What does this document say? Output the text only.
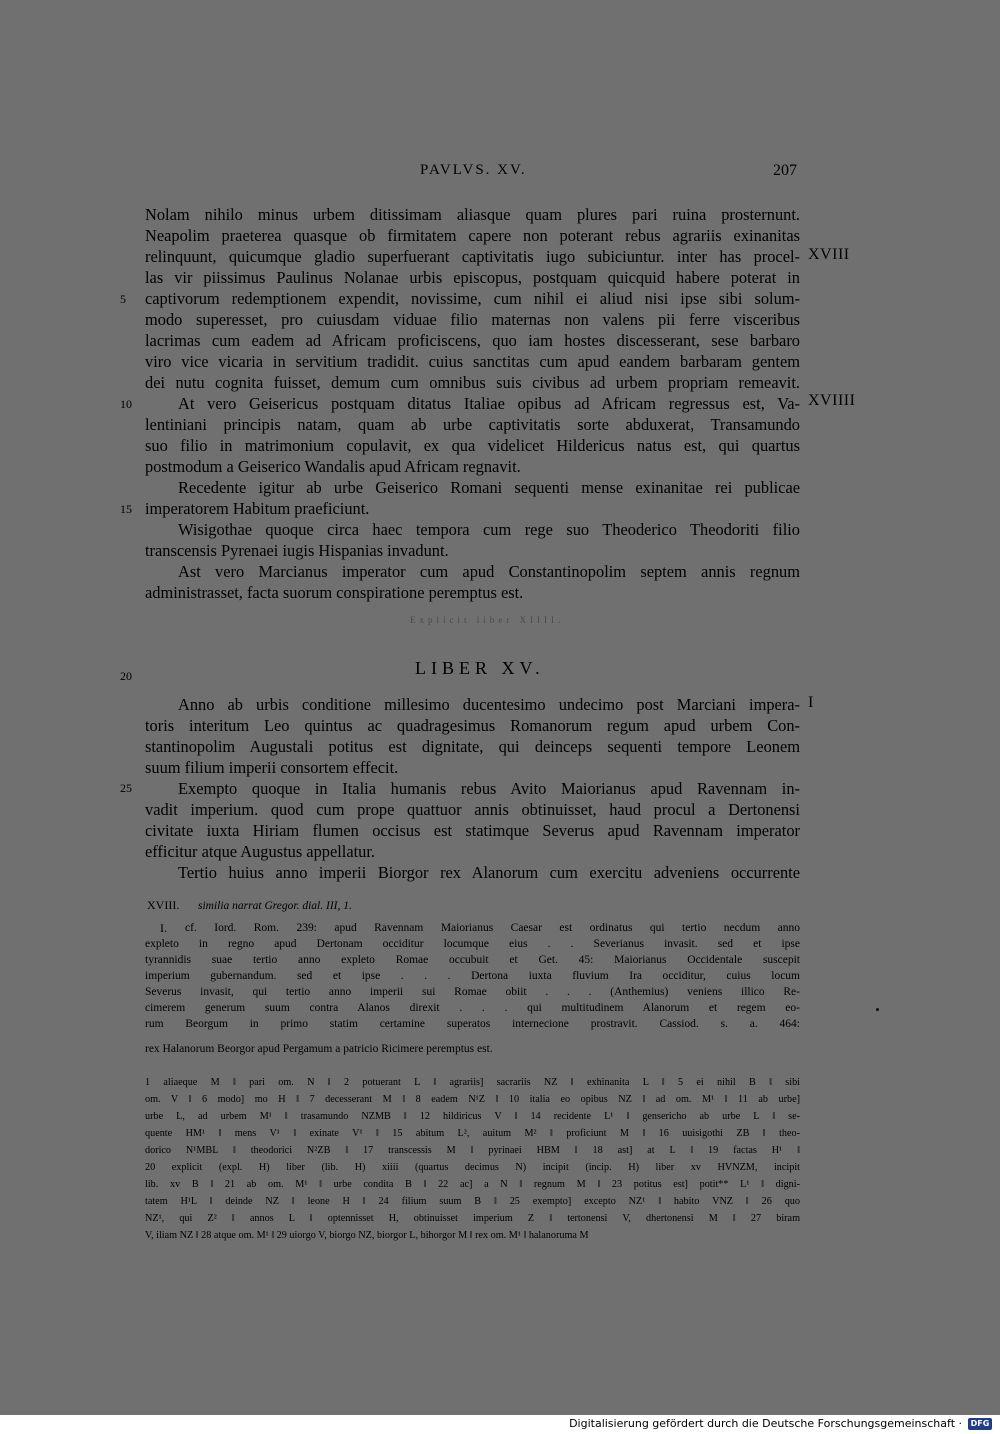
PAVLVS. XV.	207
Nolam nihilo minus urbem ditissimam aliasque quam plures pari ruina prosternunt.
Neapolim praeterea quasque ob firmitatem capere non poterant rebus agrariis exinanitas
relinquunt, quicumque gladio superfuerant captivitatis iugo subiciuntur. inter has procel-
las vir piissimus Paulinus Nolanae urbis episcopus, postquam quicquid habere poterat in
captivorum redemptionem expendit, novissime, cum nihil ei aliud nisi ipse sibi solum-
modo superesset, pro cuiusdam viduae filio maternas non valens pii ferre visceribus
lacrimas cum eadem ad Africam proficiscens, quo iam hostes discesserant, sese barbaro
viro vice vicaria in servitium tradidit. cuius sanctitas cum apud eandem barbaram gentem
dei nutu cognita fuisset, demum cum omnibus suis civibus ad urbem propriam remeavit.
At vero Geisericus postquam ditatus Italiae opibus ad Africam regressus est, Va-
lentiniani principis natam, quam ab urbe captivitatis sorte abduxerat, Transamundo
suo filio in matrimonium copulavit, ex qua videlicet Hildericus natus est, qui quartus
postmodum a Geiserico Wandalis apud Africam regnavit.
Recedente igitur ab urbe Geiserico Romani sequenti mense exinanitae rei publicae
imperatorem Habitum praeficiunt.
Wisigothae quoque circa haec tempora cum rege suo Theoderico Theodoriti filio
transcensis Pyrenaei iugis Hispanias invadunt.
Ast vero Marcianus imperator cum apud Constantinopolim septem annis regnum
administrasset, facta suorum conspiratione peremptus est.
5
10
15
20
25
XVIII
XVIIII
I
Explicit liber XIIII.
LIBER XV.
Anno ab urbis conditione millesimo ducentesimo undecimo post Marciani impera-
toris interitum Leo quintus ac quadragesimus Romanorum regum apud urbem Con-
stantinopolim Augustali potitus est dignitate, qui deinceps sequenti tempore Leonem
suum filium imperii consortem effecit.
Exempto quoque in Italia humanis rebus Avito Maiorianus apud Ravennam in-
vadit imperium. quod cum prope quattuor annis obtinuisset, haud procul a Dertonensi
civitate iuxta Hiriam flumen occisus est statimque Severus apud Ravennam imperator
efficitur atque Augustus appellatur.
Tertio huius anno imperii Biorgor rex Alanorum cum exercitu adveniens occurrente
XVIII. similia narrat Gregor. dial. III, 1.
I.	cf. Iord. Rom. 239: apud Ravennam Maiorianus Caesar est ordinatus qui tertio necdum anno
expleto in regno apud Dertonam occiditur locumque eius . . Severianus invasit. sed et ipse
tyrannidis suae tertio anno expleto Romae occubuit et Get. 45: Maiorianus Occidentale suscepit
imperium gubernandum. sed et ipse . . . Dertona iuxta fluvium Ira occiditur, cuius locum
Severus invasit, qui tertio anno imperii sui Romae obiit . . . (Anthemius) veniens illico Re-
cimerem generum suum contra Alanos direxit . . . qui multitudinem Alanorum et regem eo-
rum Beorgum in primo statim certamine superatos internecione prostravit. Cassiod. s. a. 464:
rex Halanorum Beorgor apud Pergamum a patricio Ricimere peremptus est.
1 aliaeque M ‖ pari om. N ‖ 2 potuerant L ‖ agrariis] sacrariis NZ ‖ exhinanita L ‖ 5 ei nihil B ‖ sibi
om. V ‖ 6 modo] mo H ‖ 7 decesserant M ‖ 8 eadem N¹Z ‖ 10 italia eo opibus NZ ‖ ad om. M¹ ‖ 11 ab urbe]
urbe L, ad urbem M¹ ‖ trasamundo NZMB ‖ 12 hildiricus V ‖ 14 recidente L¹ ‖ genserichо ab urbe L ‖ se-
quente HM¹ ‖ mens V¹ ‖ exinate V¹ ‖ 15 abitum L², auitum M² ‖ proficiunt M ‖ 16 uuisigothi ZB ‖ theo-
dorico N¹MBL ‖ theodorici N²ZB ‖ 17 transcessis M ‖ pyrinaei HBM ‖ 18 ast] at L ‖ 19 factas H¹ ‖
20 explicit (expl. H) liber (lib. H) xiiii (quartus decimus N) incipit (incip. H) liber xv HVNZM, incipit
lib. xv B ‖ 21 ab om. M¹ ‖ urbe condita B ‖ 22 ac] a N ‖ regnum M ‖ 23 potitus est] potit** L¹ ‖ digni-
tatem H¹L ‖ deinde NZ ‖ leone H ‖ 24 filium suum B ‖ 25 exempto] excepto NZ¹ ‖ habito VNZ ‖ 26 quo
NZ¹, qui Z² ‖ annos L ‖ optennisset H, obtinuisset imperium Z ‖ tertonensi V, dhertonensi M ‖ 27 biram
V, iliam NZ ‖ 28 atque om. M¹ ‖ 29 uiorgo V, biorgo NZ, biorgor L, bihorgor M ‖ rex om. M¹ ‖ halanoruma M
Digitalisierung gefördert durch die Deutsche Forschungsgemeinschaft ·	DFG
